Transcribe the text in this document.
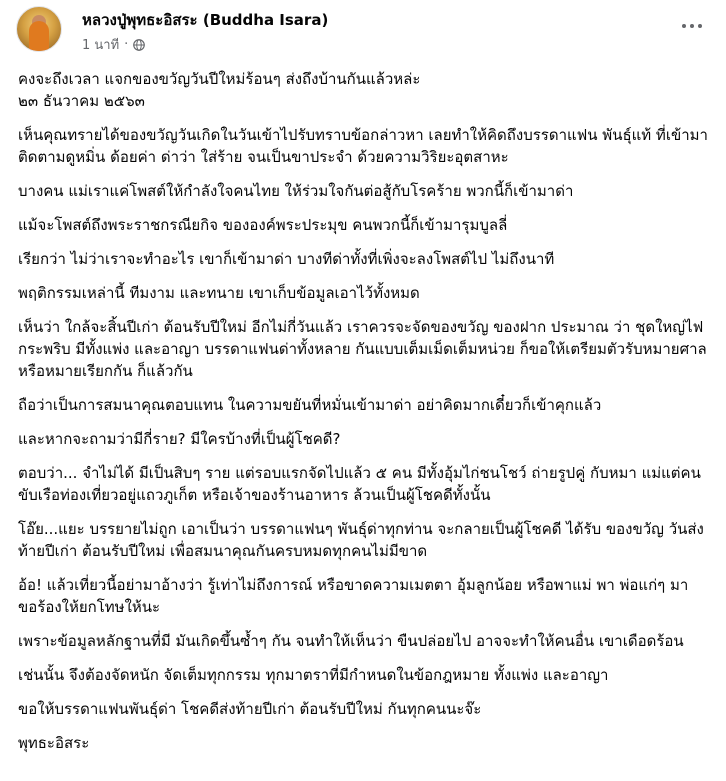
หลวงปู่พุทธะอิสระ (Buddha Isara)
1 นาที ·

คงจะถึงเวลา แจกของขวัญวันปีใหม่ร้อนๆ ส่งถึงบ้านกันแล้วหล่ะ
๒๓ ธันวาคม ๒๕๖๓

เห็นคุณทรายได้ของขวัญวันเกิดในวันเข้าไปรับทราบข้อกล่าวหา เลยทำให้คิดถึงบรรดาแฟน พันธุ์แท้ ที่เข้ามาติดตามดูหมิ่น ด้อยค่า ด่าว่า ใส่ร้าย จนเป็นขาประจำ ด้วยความวิริยะอุตสาหะ

บางคน แม่เราแค่โพสต์ให้กำลังใจคนไทย ให้ร่วมใจกันต่อสู้กับโรคร้าย พวกนี้ก็เข้ามาด่า

แม้จะโพสต์ถึงพระราชกรณียกิจ ขององค์พระประมุข คนพวกนี้ก็เข้ามารุมบูลลี่

เรียกว่า ไม่ว่าเราจะทำอะไร เขาก็เข้ามาด่า บางทีด่าทั้งที่เพิ่งจะลงโพสต์ไป ไม่ถึงนาที

พฤติกรรมเหล่านี้ ทีมงาม และทนาย เขาเก็บข้อมูลเอาไว้ทั้งหมด

เห็นว่า ใกล้จะสิ้นปีเก่า ต้อนรับปีใหม่ อีกไม่กี่วันแล้ว เราควรจะจัดของขวัญ ของฝาก ประมาณ ว่า ชุดใหญ่ไฟกระพริบ มีทั้งแพ่ง และอาญา บรรดาแฟนด่าทั้งหลาย กันแบบเต็มเม็ดเต็มหน่วย ก็ขอให้เตรียมตัวรับหมายศาล หรือหมายเรียกกัน ก็แล้วกัน

ถือว่าเป็นการสมนาคุณตอบแทน ในความขยันที่หมั่นเข้ามาด่า อย่าคิดมากเดี๋ยวก็เข้าคุกแล้ว

และหากจะถามว่ามีกี่ราย? มีใครบ้างที่เป็นผู้โชคดี?

ตอบว่า... จำไม่ได้ มีเป็นสิบๆ ราย แต่รอบแรกจัดไปแล้ว ๕ คน มีทั้งอุ้มไก่ชนโชว์ ถ่ายรูปคู่ กับหมา แม่แต่คนขับเรือท่องเที่ยวอยู่แถวภูเก็ต หรือเจ้าของร้านอาหาร ล้วนเป็นผู้โชคดีทั้งนั้น

โอ๊ย...แยะ บรรยายไม่ถูก เอาเป็นว่า บรรดาแฟนๆ พันธุ์ด่าทุกท่าน จะกลายเป็นผู้โชคดี ได้รับ ของขวัญ วันส่งท้ายปีเก่า ต้อนรับปีใหม่ เพื่อสมนาคุณกันครบหมดทุกคนไม่มีขาด

อ้อ! แล้วเที่ยวนี้อย่ามาอ้างว่า รู้เท่าไม่ถึงการณ์ หรือขาดความเมตตา อุ้มลูกน้อย หรือพาแม่ พา พ่อแก่ๆ มาขอร้องให้ยกโทษให้นะ

เพราะข้อมูลหลักฐานที่มี มันเกิดขึ้นซ้ำๆ กัน จนทำให้เห็นว่า ขืนปล่อยไป อาจจะทำให้คนอื่น เขาเดือดร้อน

เช่นนั้น จึงต้องจัดหนัก จัดเต็มทุกกรรม ทุกมาตราที่มีกำหนดในข้อกฎหมาย ทั้งแพ่ง และอาญา

ขอให้บรรดาแฟนพันธุ์ด่า โชคดีส่งท้ายปีเก่า ต้อนรับปีใหม่ กันทุกคนนะจ๊ะ

พุทธะอิสระ
